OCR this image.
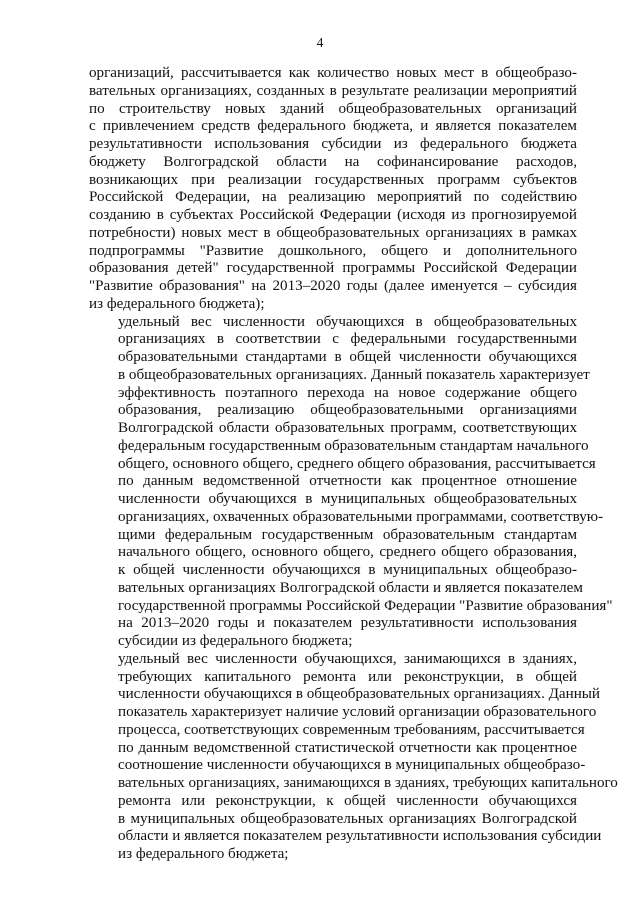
4
организаций, рассчитывается как количество новых мест в общеобразо-
вательных организациях, созданных в результате реализации мероприятий
по строительству новых зданий общеобразовательных организаций
с привлечением средств федерального бюджета, и является показателем
результативности использования субсидии из федерального бюджета
бюджету Волгоградской области на софинансирование расходов,
возникающих при реализации государственных программ субъектов
Российской Федерации, на реализацию мероприятий по содействию
созданию в субъектах Российской Федерации (исходя из прогнозируемой
потребности) новых мест в общеобразовательных организациях в рамках
подпрограммы "Развитие дошкольного, общего и дополнительного
образования детей" государственной программы Российской Федерации
"Развитие образования" на 2013–2020 годы (далее именуется – субсидия
из федерального бюджета);
удельный вес численности обучающихся в общеобразовательных
организациях в соответствии с федеральными государственными
образовательными стандартами в общей численности обучающихся
в общеобразовательных организациях. Данный показатель характеризует
эффективность поэтапного перехода на новое содержание общего
образования, реализацию общеобразовательными организациями
Волгоградской области образовательных программ, соответствующих
федеральным государственным образовательным стандартам начального
общего, основного общего, среднего общего образования, рассчитывается
по данным ведомственной отчетности как процентное отношение
численности обучающихся в муниципальных общеобразовательных
организациях, охваченных образовательными программами, соответствую-
щими федеральным государственным образовательным стандартам
начального общего, основного общего, среднего общего образования,
к общей численности обучающихся в муниципальных общеобразо-
вательных организациях Волгоградской области и является показателем
государственной программы Российской Федерации "Развитие образования"
на 2013–2020 годы и показателем результативности использования
субсидии из федерального бюджета;
удельный вес численности обучающихся, занимающихся в зданиях,
требующих капитального ремонта или реконструкции, в общей
численности обучающихся в общеобразовательных организациях. Данный
показатель характеризует наличие условий организации образовательного
процесса, соответствующих современным требованиям, рассчитывается
по данным ведомственной статистической отчетности как процентное
соотношение численности обучающихся в муниципальных общеобразо-
вательных организациях, занимающихся в зданиях, требующих капитального
ремонта или реконструкции, к общей численности обучающихся
в муниципальных общеобразовательных организациях Волгоградской
области и является показателем результативности использования субсидии
из федерального бюджета;
